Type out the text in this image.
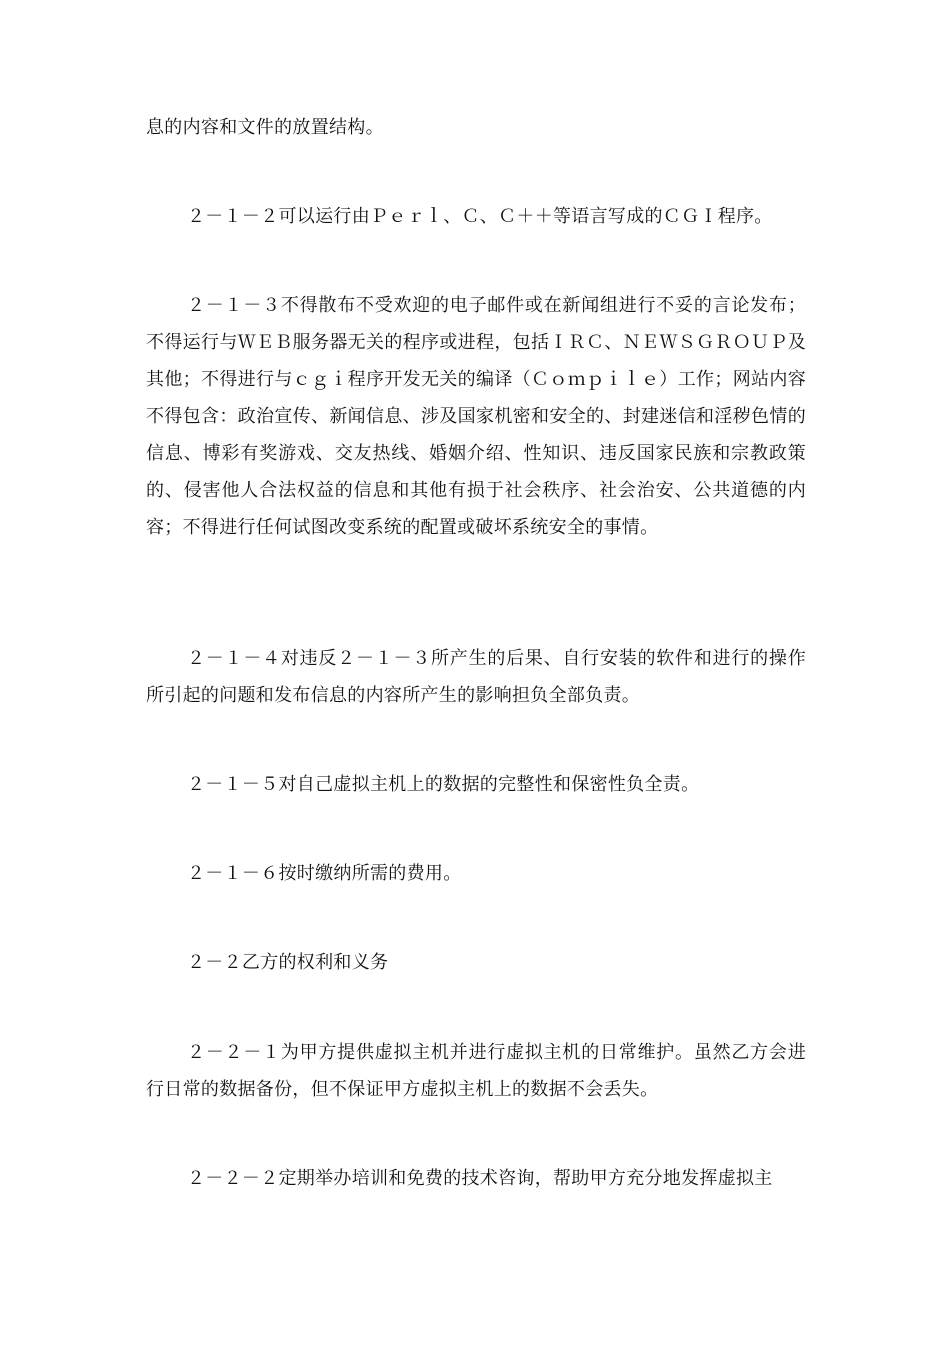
息的内容和文件的放置结构。

２－１－２可以运行由Ｐｅｒｌ、Ｃ、Ｃ＋＋等语言写成的ＣＧＩ程序。

２－１－３不得散布不受欢迎的电子邮件或在新闻组进行不妥的言论发布；不得运行与ＷＥＢ服务器无关的程序或进程，包括ＩＲＣ、ＮＥＷＳＧＲＯＵＰ及其他；不得进行与ｃｇｉ程序开发无关的编译（Ｃｏｍｐｉｌｅ）工作；网站内容不得包含：政治宣传、新闻信息、涉及国家机密和安全的、封建迷信和淫秽色情的信息、博彩有奖游戏、交友热线、婚姻介绍、性知识、违反国家民族和宗教政策的、侵害他人合法权益的信息和其他有损于社会秩序、社会治安、公共道德的内容；不得进行任何试图改变系统的配置或破坏系统安全的事情。

２－１－４对违反２－１－３所产生的后果、自行安装的软件和进行的操作所引起的问题和发布信息的内容所产生的影响担负全部负责。

２－１－５对自己虚拟主机上的数据的完整性和保密性负全责。

２－１－６按时缴纳所需的费用。

２－２乙方的权利和义务

２－２－１为甲方提供虚拟主机并进行虚拟主机的日常维护。虽然乙方会进行日常的数据备份，但不保证甲方虚拟主机上的数据不会丢失。

２－２－２定期举办培训和免费的技术咨询，帮助甲方充分地发挥虚拟主
